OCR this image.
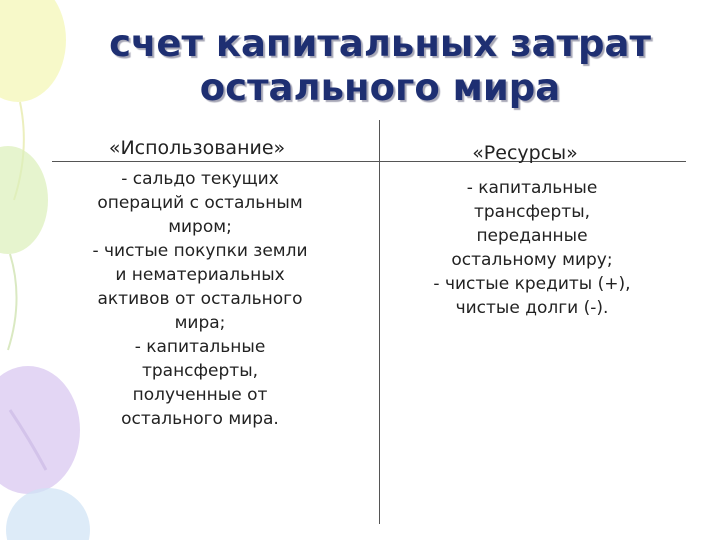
счет капитальных затрат
остального мира
«Использование»	«Ресурсы»
- сальдо текущих
операций с остальным
миром;
- чистые покупки земли
и нематериальных
активов от остального
мира;
- капитальные
трансферты,
полученные от
остального мира.
- капитальные
трансферты,
переданные
остальному миру;
- чистые кредиты (+),
чистые долги (-).
